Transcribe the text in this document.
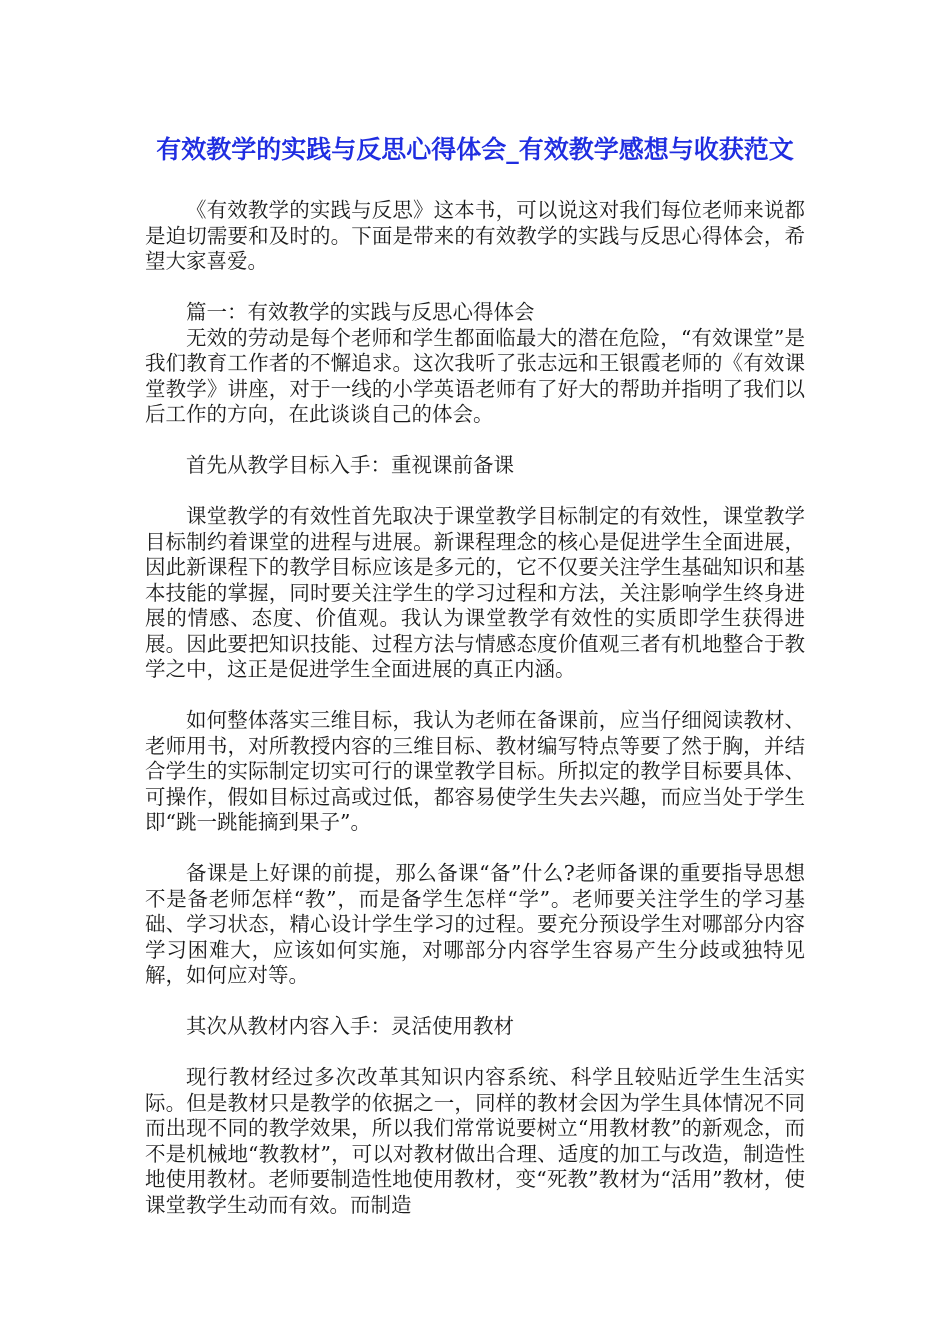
有效教学的实践与反思心得体会_有效教学感想与收获范文

《有效教学的实践与反思》这本书，可以说这对我们每位老师来说都是迫切需要和及时的。下面是带来的有效教学的实践与反思心得体会，希望大家喜爱。

篇一：有效教学的实践与反思心得体会

无效的劳动是每个老师和学生都面临最大的潜在危险，“有效课堂”是我们教育工作者的不懈追求。这次我听了张志远和王银霞老师的《有效课堂教学》讲座，对于一线的小学英语老师有了好大的帮助并指明了我们以后工作的方向，在此谈谈自己的体会。

首先从教学目标入手：重视课前备课

课堂教学的有效性首先取决于课堂教学目标制定的有效性，课堂教学目标制约着课堂的进程与进展。新课程理念的核心是促进学生全面进展，因此新课程下的教学目标应该是多元的，它不仅要关注学生基础知识和基本技能的掌握，同时要关注学生的学习过程和方法，关注影响学生终身进展的情感、态度、价值观。我认为课堂教学有效性的实质即学生获得进展。因此要把知识技能、过程方法与情感态度价值观三者有机地整合于教学之中，这正是促进学生全面进展的真正内涵。

如何整体落实三维目标，我认为老师在备课前，应当仔细阅读教材、老师用书，对所教授内容的三维目标、教材编写特点等要了然于胸，并结合学生的实际制定切实可行的课堂教学目标。所拟定的教学目标要具体、可操作，假如目标过高或过低，都容易使学生失去兴趣，而应当处于学生即“跳一跳能摘到果子”。

备课是上好课的前提，那么备课“备”什么?老师备课的重要指导思想不是备老师怎样“教”，而是备学生怎样“学”。老师要关注学生的学习基础、学习状态，精心设计学生学习的过程。要充分预设学生对哪部分内容学习困难大，应该如何实施，对哪部分内容学生容易产生分歧或独特见解，如何应对等。

其次从教材内容入手：灵活使用教材

现行教材经过多次改革其知识内容系统、科学且较贴近学生生活实际。但是教材只是教学的依据之一，同样的教材会因为学生具体情况不同而出现不同的教学效果，所以我们常常说要树立“用教材教”的新观念，而不是机械地“教教材”，可以对教材做出合理、适度的加工与改造，制造性地使用教材。老师要制造性地使用教材，变“死教”教材为“活用”教材，使课堂教学生动而有效。而制造
